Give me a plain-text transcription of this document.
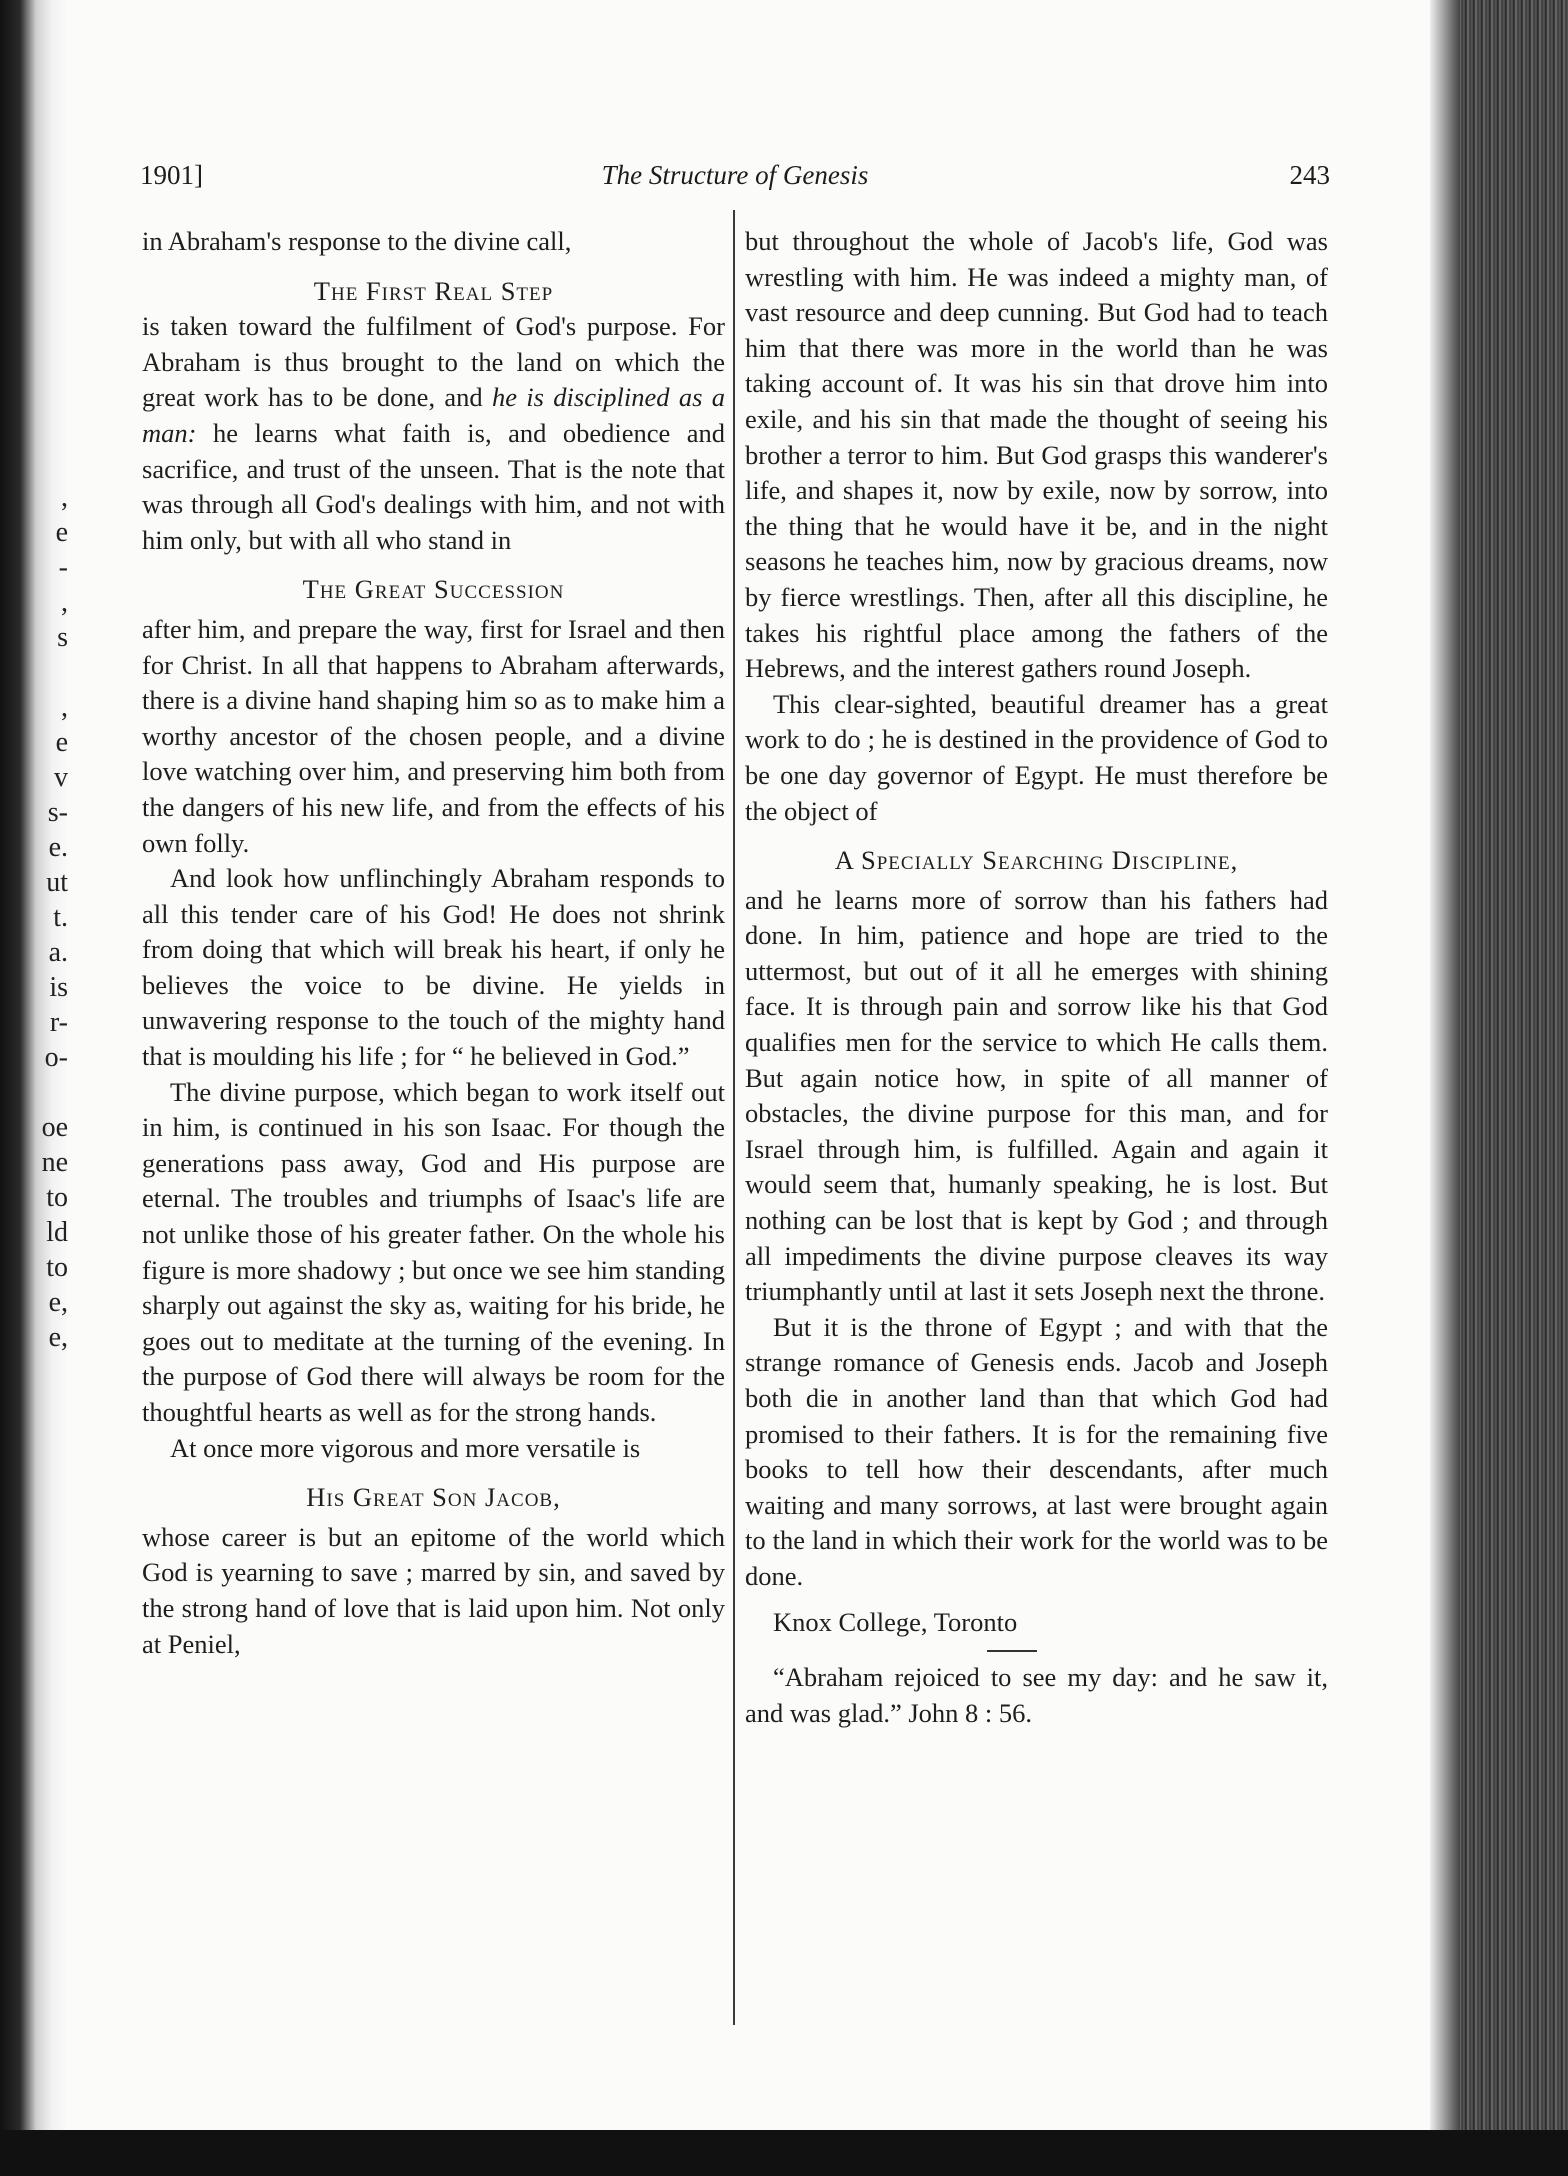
,
e
-
,
s
,
e
v
s-
e.
ut
t.
a.
is
r-
o-
oe
ne
to
ld
to
e,
e,
1901]	The Structure of Genesis	243

in Abraham's response to the divine call,

The First Real Step

is taken toward the fulfilment of God's purpose. For Abraham is thus brought to the land on which the great work has to be done, and he is disciplined as a man: he learns what faith is, and obedience and sacrifice, and trust of the unseen. That is the note that was through all God's dealings with him, and not with him only, but with all who stand in

The Great Succession

after him, and prepare the way, first for Israel and then for Christ. In all that happens to Abraham afterwards, there is a divine hand shaping him so as to make him a worthy ancestor of the chosen people, and a divine love watching over him, and preserving him both from the dangers of his new life, and from the effects of his own folly.

And look how unflinchingly Abraham responds to all this tender care of his God! He does not shrink from doing that which will break his heart, if only he believes the voice to be divine. He yields in unwavering response to the touch of the mighty hand that is moulding his life ; for “ he believed in God.”

The divine purpose, which began to work itself out in him, is continued in his son Isaac. For though the generations pass away, God and His purpose are eternal. The troubles and triumphs of Isaac's life are not unlike those of his greater father. On the whole his figure is more shadowy ; but once we see him standing sharply out against the sky as, waiting for his bride, he goes out to meditate at the turning of the evening. In the purpose of God there will always be room for the thoughtful hearts as well as for the strong hands.

At once more vigorous and more versatile is

His Great Son Jacob,

whose career is but an epitome of the world which God is yearning to save ; marred by sin, and saved by the strong hand of love that is laid upon him. Not only at Peniel,

but throughout the whole of Jacob's life, God was wrestling with him. He was indeed a mighty man, of vast resource and deep cunning. But God had to teach him that there was more in the world than he was taking account of. It was his sin that drove him into exile, and his sin that made the thought of seeing his brother a terror to him. But God grasps this wanderer's life, and shapes it, now by exile, now by sorrow, into the thing that he would have it be, and in the night seasons he teaches him, now by gracious dreams, now by fierce wrestlings. Then, after all this discipline, he takes his rightful place among the fathers of the Hebrews, and the interest gathers round Joseph.

This clear-sighted, beautiful dreamer has a great work to do ; he is destined in the providence of God to be one day governor of Egypt. He must therefore be the object of

A Specially Searching Discipline,

and he learns more of sorrow than his fathers had done. In him, patience and hope are tried to the uttermost, but out of it all he emerges with shining face. It is through pain and sorrow like his that God qualifies men for the service to which He calls them. But again notice how, in spite of all manner of obstacles, the divine purpose for this man, and for Israel through him, is fulfilled. Again and again it would seem that, humanly speaking, he is lost. But nothing can be lost that is kept by God ; and through all impediments the divine purpose cleaves its way triumphantly until at last it sets Joseph next the throne.

But it is the throne of Egypt ; and with that the strange romance of Genesis ends. Jacob and Joseph both die in another land than that which God had promised to their fathers. It is for the remaining five books to tell how their descendants, after much waiting and many sorrows, at last were brought again to the land in which their work for the world was to be done.

Knox College, Toronto

“Abraham rejoiced to see my day: and he saw it, and was glad.” John 8 : 56.
